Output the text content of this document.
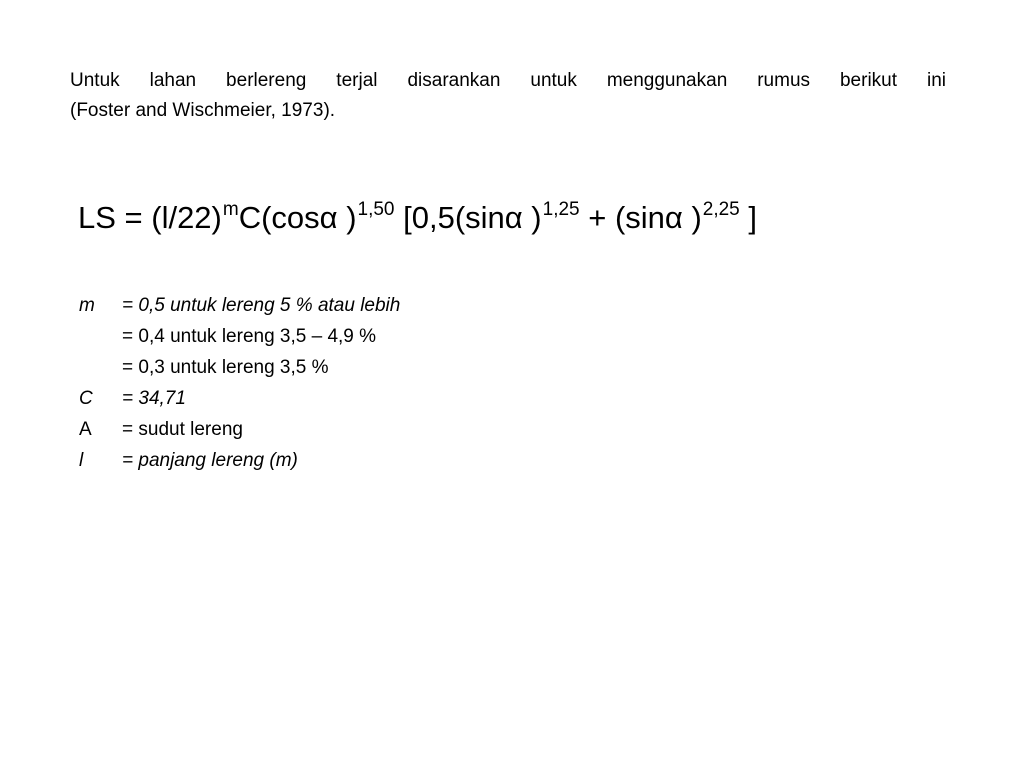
Untuk lahan berlereng terjal disarankan untuk menggunakan rumus berikut ini
(Foster and Wischmeier, 1973).
LS = $(l/22)^mC(\cos\alpha$ )$^{1,50}$ [0,5(sinα )$^{1,25}$ + (sinα )$^{2,25}$ ]
m	= 0,5 untuk lereng 5 % atau lebih
= 0,4 untuk lereng 3,5 – 4,9 %
= 0,3 untuk lereng 3,5 %
C	= 34,71
A	= sudut lereng
l	= panjang lereng (m)
